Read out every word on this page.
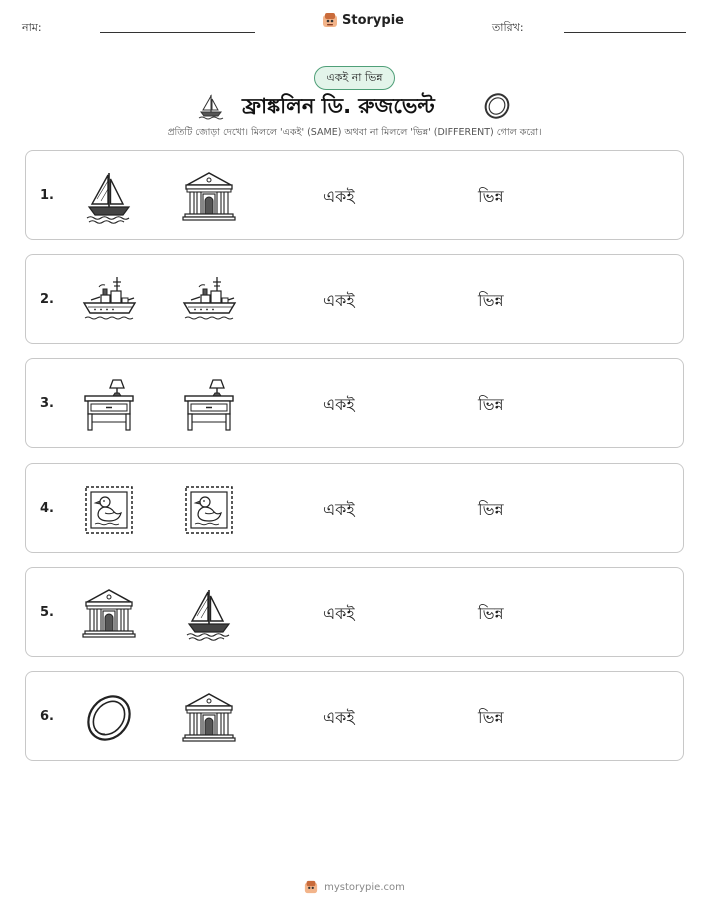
নাম:	Storypie	তারিখ:
একই না ভিন্ন
ফ্রাঙ্কলিন ডি. রুজভেল্ট
প্রতিটি জোড়া দেখো। মিললে 'একই' (SAME) অথবা না মিললে 'ভিন্ন' (DIFFERENT) গোল করো।
1.	একই	ভিন্ন
2.	একই	ভিন্ন
3.	একই	ভিন্ন
4.	একই	ভিন্ন
5.	একই	ভিন্ন
6.	একই	ভিন্ন
mystorypie.com
